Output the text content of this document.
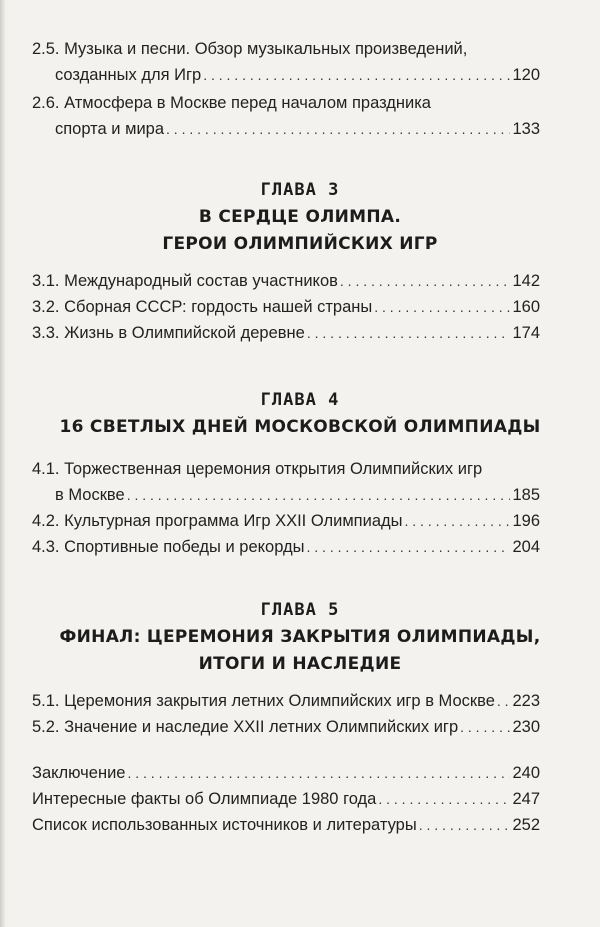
2.5. Музыка и песни. Обзор музыкальных произведений,
созданных для Игр . . .	120
2.6. Атмосфера в Москве перед началом праздника
спорта и мира . . .	133
ГЛАВА 3
В СЕРДЦЕ ОЛИМПА.
ГЕРОИ ОЛИМПИЙСКИХ ИГР
3.1. Международный состав участников . . .	142
3.2. Сборная СССР: гордость нашей страны . . .	160
3.3. Жизнь в Олимпийской деревне . . .	174
ГЛАВА 4
16 СВЕТЛЫХ ДНЕЙ МОСКОВСКОЙ ОЛИМПИАДЫ
4.1. Торжественная церемония открытия Олимпийских игр
в Москве . . .	185
4.2. Культурная программа Игр XXII Олимпиады . . .	196
4.3. Спортивные победы и рекорды . . .	204
ГЛАВА 5
ФИНАЛ: ЦЕРЕМОНИЯ ЗАКРЫТИЯ ОЛИМПИАДЫ,
ИТОГИ И НАСЛЕДИЕ
5.1. Церемония закрытия летних Олимпийских игр в Москве . . . 223
5.2. Значение и наследие XXII летних Олимпийских игр . . .	230
Заключение . . .	240
Интересные факты об Олимпиаде 1980 года . . .	247
Список использованных источников и литературы . . .	252
